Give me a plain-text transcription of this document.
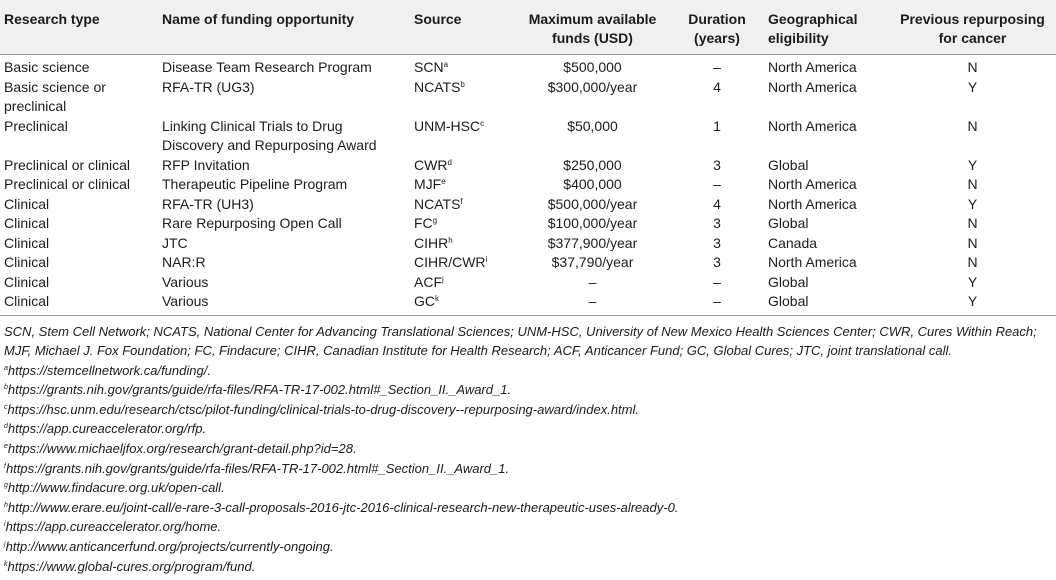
Research type	Name of funding opportunity	Source	Maximum available funds (USD)	Duration (years)	Geographical eligibility	Previous repurposing for cancer
Basic science	Disease Team Research Program	SCN$^a$	$500,000	–	North America	N
Basic science or preclinical	RFA-TR (UG3)	NCATS$^b$	$300,000/year	4	North America	Y
Preclinical	Linking Clinical Trials to Drug Discovery and Repurposing Award	UNM-HSC$^c$	$50,000	1	North America	N
Preclinical or clinical	RFP Invitation	CWR$^d$	$250,000	3	Global	Y
Preclinical or clinical	Therapeutic Pipeline Program	MJF$^e$	$400,000	–	North America	N
Clinical	RFA-TR (UH3)	NCATS$^f$	$500,000/year	4	North America	Y
Clinical	Rare Repurposing Open Call	$FC^g$	$100,000/year	3	Global	N
Clinical	JTC	CIHR$^h$	$377,900/year	3	Canada	N
Clinical	NAR:R	CIHR/CWR$^i$	$37,790/year	3	North America	N
Clinical	Various	ACF$^j$	–	–	Global	Y
Clinical	Various	$GC^k$	–	–	Global	Y

SCN, Stem Cell Network; NCATS, National Center for Advancing Translational Sciences; UNM-HSC, University of New Mexico Health Sciences Center; CWR, Cures Within Reach; MJF, Michael J. Fox Foundation; FC, Findacure; CIHR, Canadian Institute for Health Research; ACF, Anticancer Fund; GC, Global Cures; JTC, joint translational call.

$^a$https://stemcellnetwork.ca/funding/.

$^b$https://grants.nih.gov/grants/guide/rfa-files/RFA-TR-17-002.html#_Section_II._Award_1.

$^c$https://hsc.unm.edu/research/ctsc/pilot-funding/clinical-trials-to-drug-discovery--repurposing-award/index.html.

$^d$https://app.cureaccelerator.org/rfp.

$^e$https://www.michaeljfox.org/research/grant-detail.php?id=28.

$^f$https://grants.nih.gov/grants/guide/rfa-files/RFA-TR-17-002.html#_Section_II._Award_1.

$^g$http://www.findacure.org.uk/open-call.

$^h$http://www.erare.eu/joint-call/e-rare-3-call-proposals-2016-jtc-2016-clinical-research-new-therapeutic-uses-already-0.

$^i$https://app.cureaccelerator.org/home.

$^j$http://www.anticancerfund.org/projects/currently-ongoing.

$^k$https://www.global-cures.org/program/fund.
